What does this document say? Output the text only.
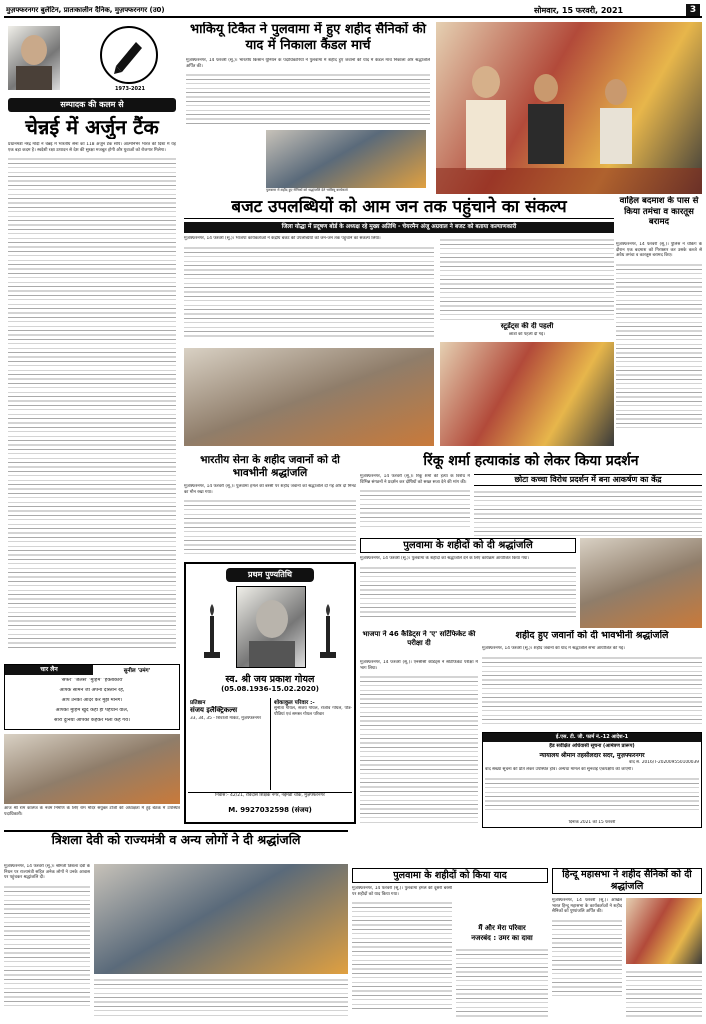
मुज़फ्फरनगर बुलेटिन, प्रातःकालीन दैनिक, मुज़फ्फरनगर (उ0)	सोमवार, 15 फरवरी, 2021	3
1973-2021
सम्पादक की कलम से
चेन्नई में अर्जुन टैंक
प्रधानमंत्री नरेंद्र मोदी ने चेन्नई में भारतीय सेना को 118 अर्जुन टैंक सौंपे। आत्मनिर्भर भारत की दिशा में यह एक बड़ा कदम है। स्वदेशी रक्षा उत्पादन से देश की सुरक्षा मजबूत होगी और युवाओं को रोजगार मिलेगा।
भाकियू टिकैत ने पुलवामा में हुए शहीद सैनिकों की याद में निकाला कैंडल मार्च
मुज़फ्फरनगर, 14 फरवरी (सू.)। भारतीय किसान यूनियन के पदाधिकारियों ने पुलवामा में शहीद हुए जवानों की याद में कैंडल मार्च निकाला और श्रद्धांजलि अर्पित की।
पुलवामा में शहीद हुए सैनिकों को श्रद्धांजलि देते भाकियू कार्यकर्ता
वाहिल बदमाश के पास से किया तमंचा व कारतूस बरामद
मुज़फ्फरनगर, 14 फरवरी (सू.)। पुलिस ने चेकिंग के दौरान एक बदमाश को गिरफ्तार कर उसके कब्जे से अवैध तमंचा व कारतूस बरामद किए।
बजट उपलब्धियों को आम जन तक पहुंचाने का संकल्प
जिला योद्धा में प्रदूषण बोर्ड के अध्यक्ष रहे मुख्य अतिथि - चेयरमैन अंजू अग्रवाल ने बजट को बताया कल्याणकारी
मुज़फ्फरनगर, 14 फरवरी (सू.)। भाजपा कार्यकर्ताओं ने केंद्रीय बजट की उपलब्धियों को जन-जन तक पहुंचाने का संकल्प लिया।
स्टूडेंट्स की दी पहली
छात्रों को पहली दी गई।
भारतीय सेना के शहीद जवानों को दी भावभीनी श्रद्धांजलि
मुज़फ्फरनगर, 14 फरवरी (सू.)। पुलवामा हमले की बरसी पर शहीद जवानों को श्रद्धांजलि दी गई और दो मिनट का मौन रखा गया।
रिंकू शर्मा हत्याकांड को लेकर किया प्रदर्शन
मुज़फ्फरनगर, 14 फरवरी (सू.)। रिंकू शर्मा की हत्या के विरोध में विभिन्न संगठनों ने प्रदर्शन कर दोषियों को सख्त सजा देने की मांग की।	छोटा कच्चा विरोध प्रदर्शन में बना आकर्षण का केंद्र
पुलवामा के शहीदों को दी श्रद्धांजलि
मुज़फ्फरनगर, 14 फरवरी (सू.)। पुलवामा के शहीदों को श्रद्धांजलि देने के लिए कार्यक्रम आयोजित किया गया।
प्रथम पुण्यतिथि
स्व. श्री जय प्रकाश गोयल
(05.08.1936-15.02.2020)
प्रतिष्ठान
संजय इलैक्ट्रिकल्स
33, 34, 35 - शिवाजी मार्केट, मुज़फ्फरनगर
शोकाकुल परिवार :-
सुनीता गोयल, संजय गोयल, राजीव गोयल, पौत्र-पौत्रियां एवं समस्त गोयल परिवार
निवास:- 42/21, रविदास शिक्षक नगर, नईमंडी चौक, मुज़फ्फरनगर
M. 9927032598 (संजय)
भाजपा ने 46 कैडिट्स ने 'ए' सर्टिफिकेट की परीक्षा दी
मुज़फ्फरनगर, 14 फरवरी (सू.)। एनसीसी कैडिट्स ने सर्टिफिकेट परीक्षा में भाग लिया।
शहीद हुए जवानों को दी भावभीनी श्रद्धांजलि
मुज़फ्फरनगर, 14 फरवरी (सू.)। शहीद जवानों की याद में श्रद्धांजलि सभा आयोजित की गई।
चार लैन	सुनील 'उमंग'
'सफर' 'जलस' 'मुहिम' 'हकबकाय'
आपके सामने जो अपना दास्तान रहे,
आप उनका आदर करें मुझे मानेंगे।
आपकी मुहिम खुद कहां ही पहचाने वाले,
सारी दुनिया आपको कहकर मेला कहे गये।
आज श्री राम कॉलेज के नवम निर्माण के लिए राम मंदिर संयुक्त टीजी की अध्यक्षता में हुई बैठक में उपस्थित पदाधिकारी।
ई.एस. टी. जी. फार्म नं.-12 आदेश-1
हैड सर्वेक्षित अधिवासी सूचना (आमंत्रण प्रारूप)
न्यायालय श्रीमान तहसीलदार सदर, मुज़फ्फरनगर
वाद सं. 2016/T-202009550100039
वाद संख्या सूचना की प्रति लेकर उपस्थित होवें। अन्यथा मामले की सुनवाई एकपक्षीय की जाएगी।
दिनांक 2021 को 15 फरवरी
त्रिशला देवी को राज्यमंत्री व अन्य लोगों ने दी श्रद्धांजलि
मुज़फ्फरनगर, 14 फरवरी (सू.)। श्रीमती त्रिशला देवी के निधन पर राज्यमंत्री सहित अनेक लोगों ने उनके आवास पर पहुंचकर श्रद्धांजलि दी।	पुलवामा के शहीदों को किया याद
मुज़फ्फरनगर, 14 फरवरी (सू.)। पुलवामा हमले की दूसरी बरसी पर शहीदों को याद किया गया।
मैं और मेरा परिवार
नजरबंद : उमर का दावा
हिन्दू महासभा ने शहीद सैनिकों को दी श्रद्धांजलि
मुज़फ्फरनगर, 14 फरवरी (सू.)। अखिल भारत हिन्दू महासभा के कार्यकर्ताओं ने शहीद सैनिकों को पुष्पांजलि अर्पित की।
